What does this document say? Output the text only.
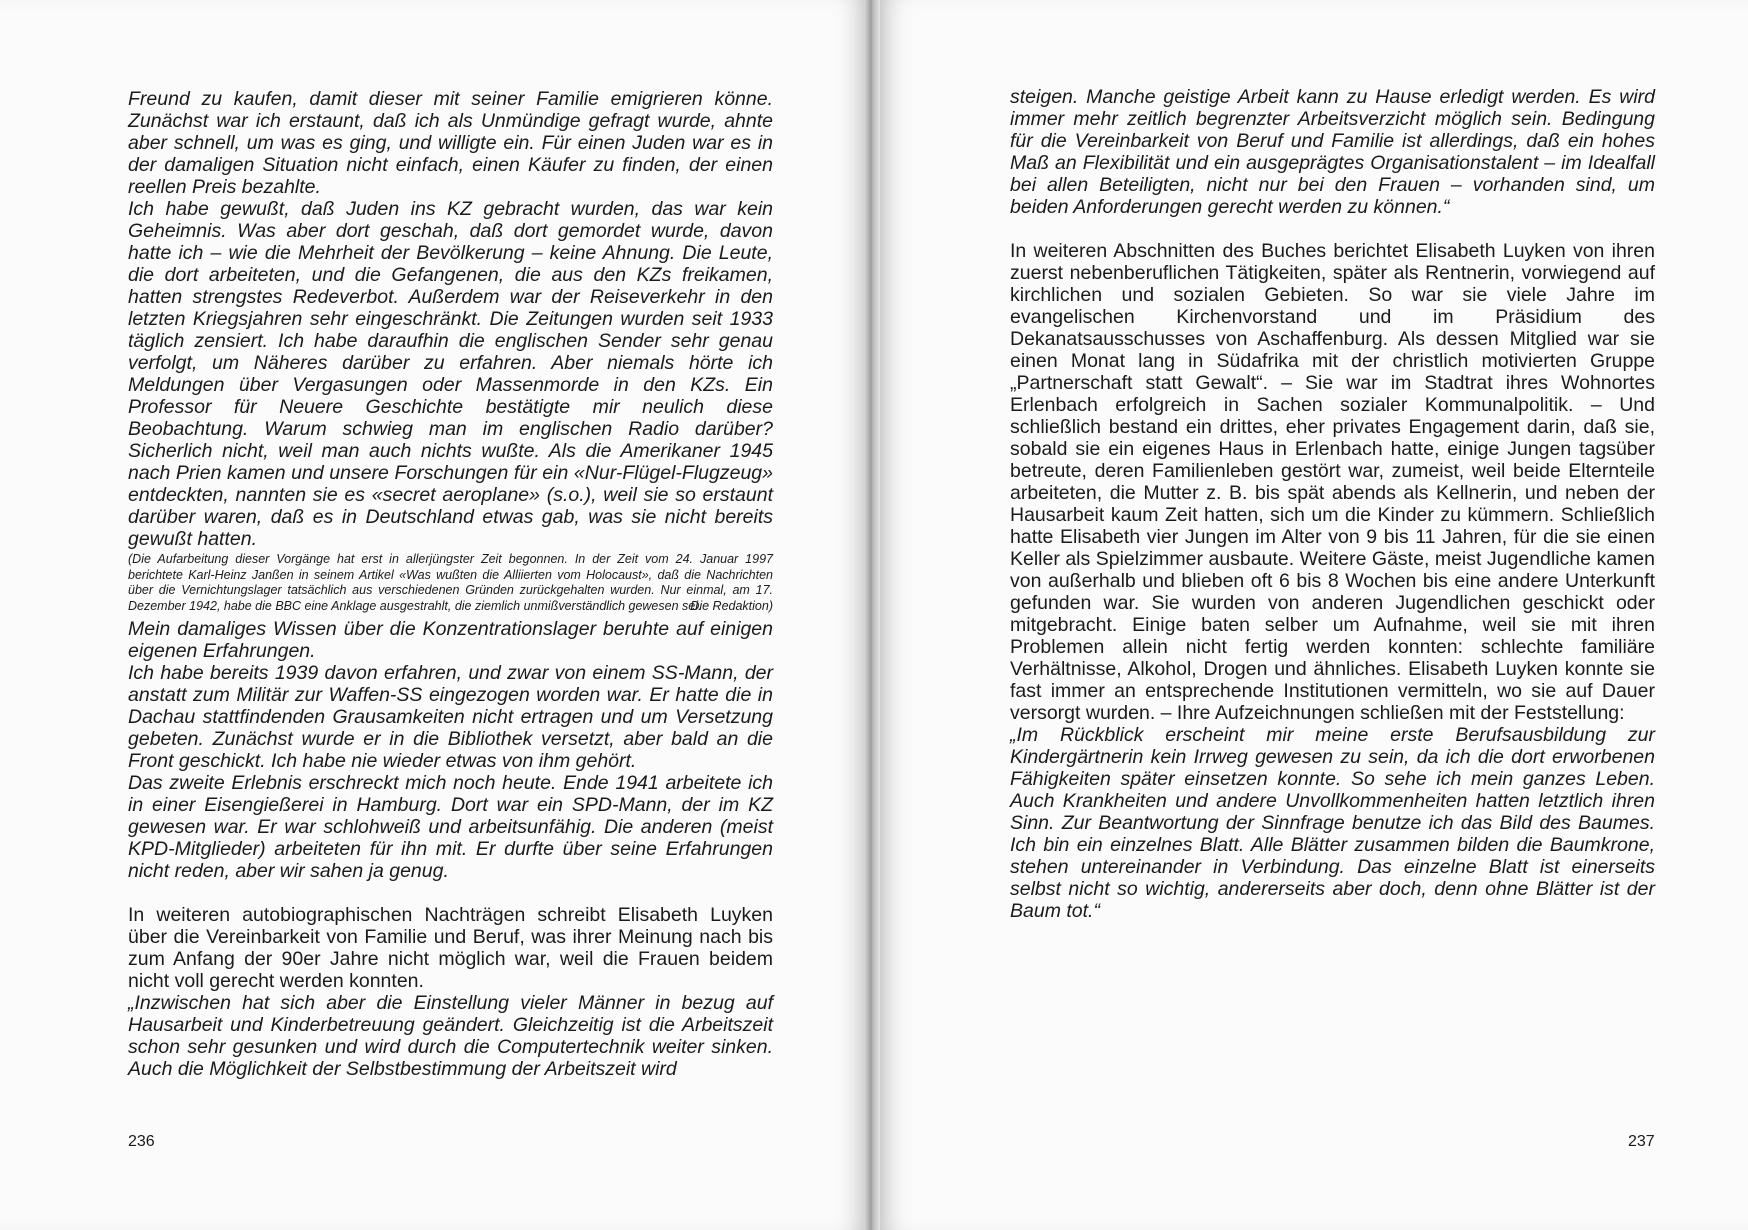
Freund zu kaufen, damit dieser mit seiner Familie emigrieren könne. Zunächst war ich erstaunt, daß ich als Unmündige gefragt wurde, ahnte aber schnell, um was es ging, und willigte ein. Für einen Juden war es in der damaligen Situation nicht einfach, einen Käufer zu finden, der einen reellen Preis bezahlte.

Ich habe gewußt, daß Juden ins KZ gebracht wurden, das war kein Geheimnis. Was aber dort geschah, daß dort gemordet wurde, davon hatte ich – wie die Mehrheit der Bevölkerung – keine Ahnung. Die Leute, die dort arbeiteten, und die Gefangenen, die aus den KZs freikamen, hatten strengstes Redeverbot. Außerdem war der Reiseverkehr in den letzten Kriegsjahren sehr eingeschränkt. Die Zeitungen wurden seit 1933 täglich zensiert. Ich habe daraufhin die englischen Sender sehr genau verfolgt, um Näheres darüber zu erfahren. Aber niemals hörte ich Meldungen über Vergasungen oder Massenmorde in den KZs. Ein Professor für Neuere Geschichte bestätigte mir neulich diese Beobachtung. Warum schwieg man im englischen Radio darüber? Sicherlich nicht, weil man auch nichts wußte. Als die Amerikaner 1945 nach Prien kamen und unsere Forschungen für ein «Nur-Flügel-Flugzeug» entdeckten, nannten sie es «secret aeroplane» (s.o.), weil sie so erstaunt darüber waren, daß es in Deutschland etwas gab, was sie nicht bereits gewußt hatten.

(Die Aufarbeitung dieser Vorgänge hat erst in allerjüngster Zeit begonnen. In der Zeit vom 24. Januar 1997 berichtete Karl-Heinz Janßen in seinem Artikel «Was wußten die Alliierten vom Holocaust», daß die Nachrichten über die Vernichtungslager tatsächlich aus verschiedenen Gründen zurückgehalten wurden. Nur einmal, am 17. Dezember 1942, habe die BBC eine Anklage ausgestrahlt, die ziemlich unmißverständlich gewesen sei.
Die Redaktion)

Mein damaliges Wissen über die Konzentrationslager beruhte auf einigen eigenen Erfahrungen.

Ich habe bereits 1939 davon erfahren, und zwar von einem SS-Mann, der anstatt zum Militär zur Waffen-SS eingezogen worden war. Er hatte die in Dachau stattfindenden Grausamkeiten nicht ertragen und um Versetzung gebeten. Zunächst wurde er in die Bibliothek versetzt, aber bald an die Front geschickt. Ich habe nie wieder etwas von ihm gehört.

Das zweite Erlebnis erschreckt mich noch heute. Ende 1941 arbeitete ich in einer Eisengießerei in Hamburg. Dort war ein SPD-Mann, der im KZ gewesen war. Er war schlohweiß und arbeitsunfähig. Die anderen (meist KPD-Mitglieder) arbeiteten für ihn mit. Er durfte über seine Erfahrungen nicht reden, aber wir sahen ja genug.

In weiteren autobiographischen Nachträgen schreibt Elisabeth Luyken über die Vereinbarkeit von Familie und Beruf, was ihrer Meinung nach bis zum Anfang der 90er Jahre nicht möglich war, weil die Frauen beidem nicht voll gerecht werden konnten.

„Inzwischen hat sich aber die Einstellung vieler Männer in bezug auf Hausarbeit und Kinderbetreuung geändert. Gleichzeitig ist die Arbeitszeit schon sehr gesunken und wird durch die Computertechnik weiter sinken. Auch die Möglichkeit der Selbstbestimmung der Arbeitszeit wird

236

steigen. Manche geistige Arbeit kann zu Hause erledigt werden. Es wird immer mehr zeitlich begrenzter Arbeitsverzicht möglich sein. Bedingung für die Vereinbarkeit von Beruf und Familie ist allerdings, daß ein hohes Maß an Flexibilität und ein ausgeprägtes Organisationstalent – im Idealfall bei allen Beteiligten, nicht nur bei den Frauen – vorhanden sind, um beiden Anforderungen gerecht werden zu können.“

In weiteren Abschnitten des Buches berichtet Elisabeth Luyken von ihren zuerst nebenberuflichen Tätigkeiten, später als Rentnerin, vorwiegend auf kirchlichen und sozialen Gebieten. So war sie viele Jahre im evangelischen Kirchenvorstand und im Präsidium des Dekanatsausschusses von Aschaffenburg. Als dessen Mitglied war sie einen Monat lang in Südafrika mit der christlich motivierten Gruppe „Partnerschaft statt Gewalt“. – Sie war im Stadtrat ihres Wohnortes Erlenbach erfolgreich in Sachen sozialer Kommunalpolitik. – Und schließlich bestand ein drittes, eher privates Engagement darin, daß sie, sobald sie ein eigenes Haus in Erlenbach hatte, einige Jungen tagsüber betreute, deren Familienleben gestört war, zumeist, weil beide Elternteile arbeiteten, die Mutter z. B. bis spät abends als Kellnerin, und neben der Hausarbeit kaum Zeit hatten, sich um die Kinder zu kümmern. Schließlich hatte Elisabeth vier Jungen im Alter von 9 bis 11 Jahren, für die sie einen Keller als Spielzimmer ausbaute. Weitere Gäste, meist Jugendliche kamen von außerhalb und blieben oft 6 bis 8 Wochen bis eine andere Unterkunft gefunden war. Sie wurden von anderen Jugendlichen geschickt oder mitgebracht. Einige baten selber um Aufnahme, weil sie mit ihren Problemen allein nicht fertig werden konnten: schlechte familiäre Verhältnisse, Alkohol, Drogen und ähnliches. Elisabeth Luyken konnte sie fast immer an entsprechende Institutionen vermitteln, wo sie auf Dauer versorgt wurden. – Ihre Aufzeichnungen schließen mit der Feststellung:

„Im Rückblick erscheint mir meine erste Berufsausbildung zur Kindergärtnerin kein Irrweg gewesen zu sein, da ich die dort erworbenen Fähigkeiten später einsetzen konnte. So sehe ich mein ganzes Leben. Auch Krankheiten und andere Unvollkommenheiten hatten letztlich ihren Sinn. Zur Beantwortung der Sinnfrage benutze ich das Bild des Baumes. Ich bin ein einzelnes Blatt. Alle Blätter zusammen bilden die Baumkrone, stehen untereinander in Verbindung. Das einzelne Blatt ist einerseits selbst nicht so wichtig, andererseits aber doch, denn ohne Blätter ist der Baum tot.“

237
